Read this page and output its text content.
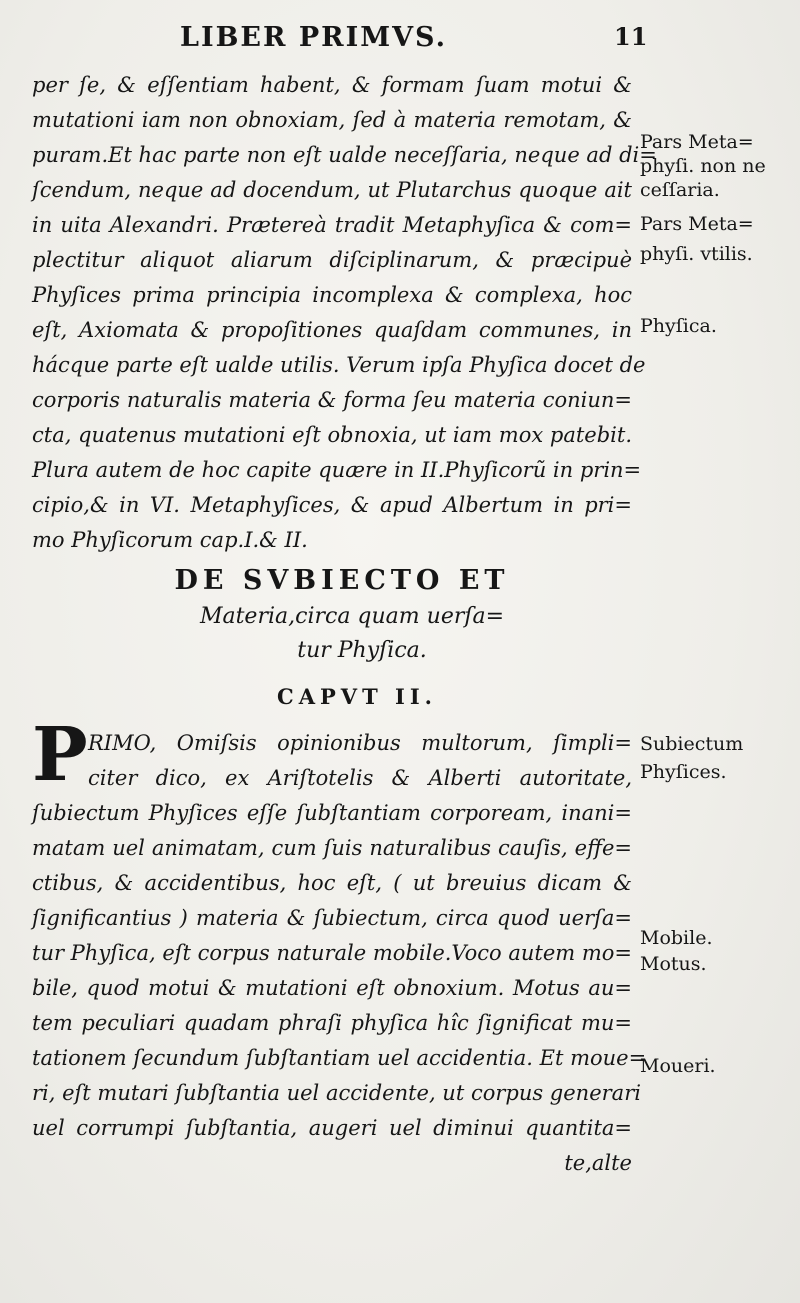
LIBER PRIMVS.	11
per ſe, & eſſentiam habent, & formam ſuam motui &
mutationi iam non obnoxiam, ſed à materia remotam, &
puram.Et hac parte non eſt ualde neceſſaria, neque ad di=
ſcendum, neque ad docendum, ut Plutarchus quoque ait
in uita Alexandri. Prætereà tradit Metaphyſica & com=
plectitur aliquot aliarum diſciplinarum, & præcipuè
Phyſices prima principia incomplexa & complexa, hoc
eſt, Axiomata & propoſitiones quaſdam communes, in
hácque parte eſt ualde utilis. Verum ipſa Phyſica docet de
corporis naturalis materia & forma ſeu materia coniun=
cta, quatenus mutationi eſt obnoxia, ut iam mox patebit.
Plura autem de hoc capite quære in II.Phyſicorũ in prin=
cipio,& in VI. Metaphyſices, & apud Albertum in pri=
mo Phyſicorum cap.I.& II.
DE SVBIECTO ET
Materia,circa quam uerſa=
tur Phyſica.
CAPVT II.
P RIMO, Omiſsis opinionibus multorum, ſimpli=
citer dico, ex Ariſtotelis & Alberti autoritate,
ſubiectum Phyſices eſſe ſubſtantiam corpoream, inani=
matam uel animatam, cum ſuis naturalibus cauſis, effe=
ctibus, & accidentibus, hoc eſt, ( ut breuius dicam &
ſignificantius ) materia & ſubiectum, circa quod uerſa=
tur Phyſica, eſt corpus naturale mobile.Voco autem mo=
bile, quod motui & mutationi eſt obnoxium. Motus au=
tem peculiari quadam phraſi phyſica hîc ſignificat mu=
tationem ſecundum ſubſtantiam uel accidentia. Et moue=
ri, eſt mutari ſubſtantia uel accidente, ut corpus generari
uel corrumpi ſubſtantia, augeri uel diminui quantita=
te,alte
Pars Meta=
phyſi. non ne
ceſſaria.
Pars Meta=
phyſi. vtilis.
Phyſica.
Subiectum
Phyſices.
Mobile.
Motus.
Moueri.
